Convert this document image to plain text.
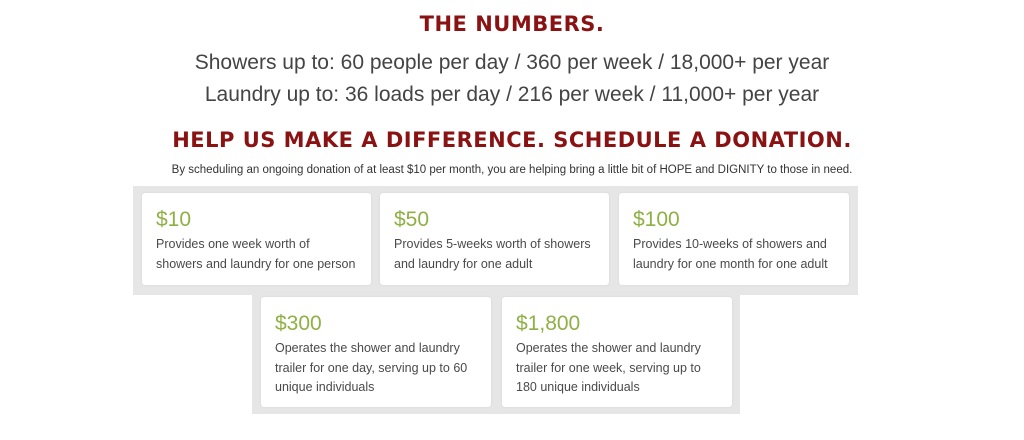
THE NUMBERS.

Showers up to: 60 people per day / 360 per week / 18,000+ per year

Laundry up to: 36 loads per day / 216 per week / 11,000+ per year

HELP US MAKE A DIFFERENCE. SCHEDULE A DONATION.

By scheduling an ongoing donation of at least $10 per month, you are helping bring a little bit of HOPE and DIGNITY to those in need.

$10
Provides one week worth of showers and laundry for one person
$50
Provides 5-weeks worth of showers and laundry for one adult
$100
Provides 10-weeks of showers and laundry for one month for one adult
$300
Operates the shower and laundry trailer for one day, serving up to 60 unique individuals
$1,800
Operates the shower and laundry trailer for one week, serving up to 180 unique individuals
